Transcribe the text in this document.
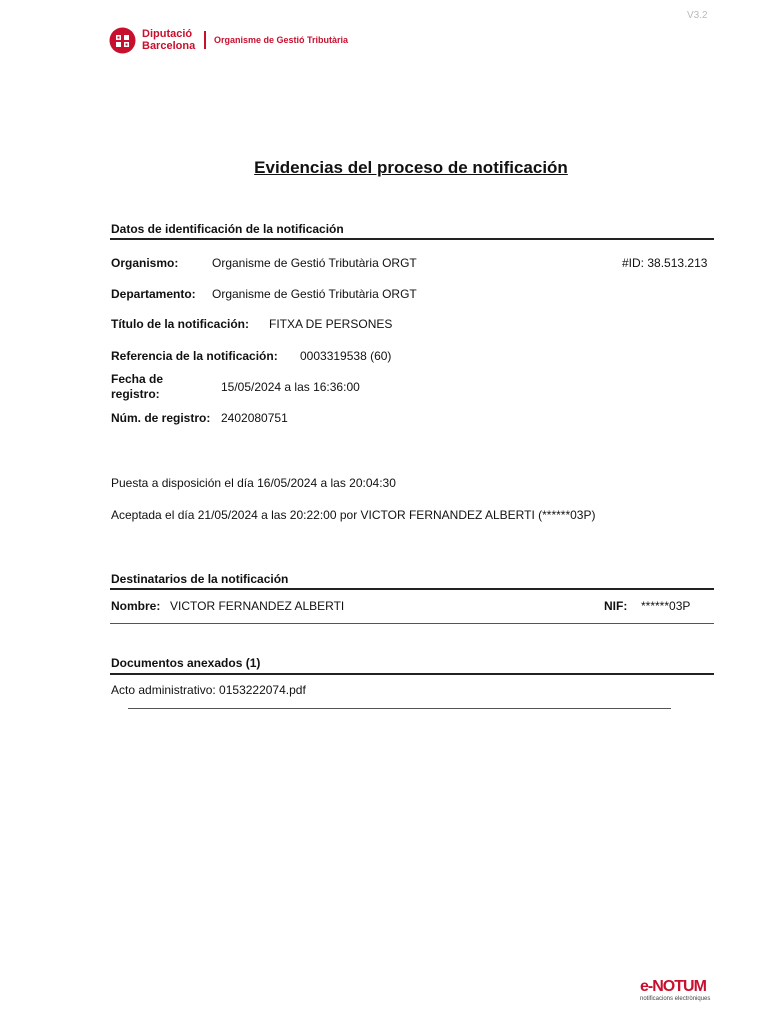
V3.2
Diputació
Barcelona Organisme de Gestió Tributària
Evidencias del proceso de notificación
Datos de identificación de la notificación
Organismo:	Organisme de Gestió Tributària ORGT	#ID: 38.513.213
Departamento: Organisme de Gestió Tributària ORGT
Título de la notificación: FITXA DE PERSONES
Referencia de la notificación: 0003319538 (60)
Fecha de
registro:	15/05/2024 a las 16:36:00
Núm. de registro: 2402080751
Puesta a disposición el día 16/05/2024 a las 20:04:30
Aceptada el día 21/05/2024 a las 20:22:00 por VICTOR FERNANDEZ ALBERTI (******03P)
Destinatarios de la notificación
Nombre: VICTOR FERNANDEZ ALBERTI	NIF: ******03P
Documentos anexados (1)
Acto administrativo: 0153222074.pdf
e-NOTUM
notificacions electròniques
